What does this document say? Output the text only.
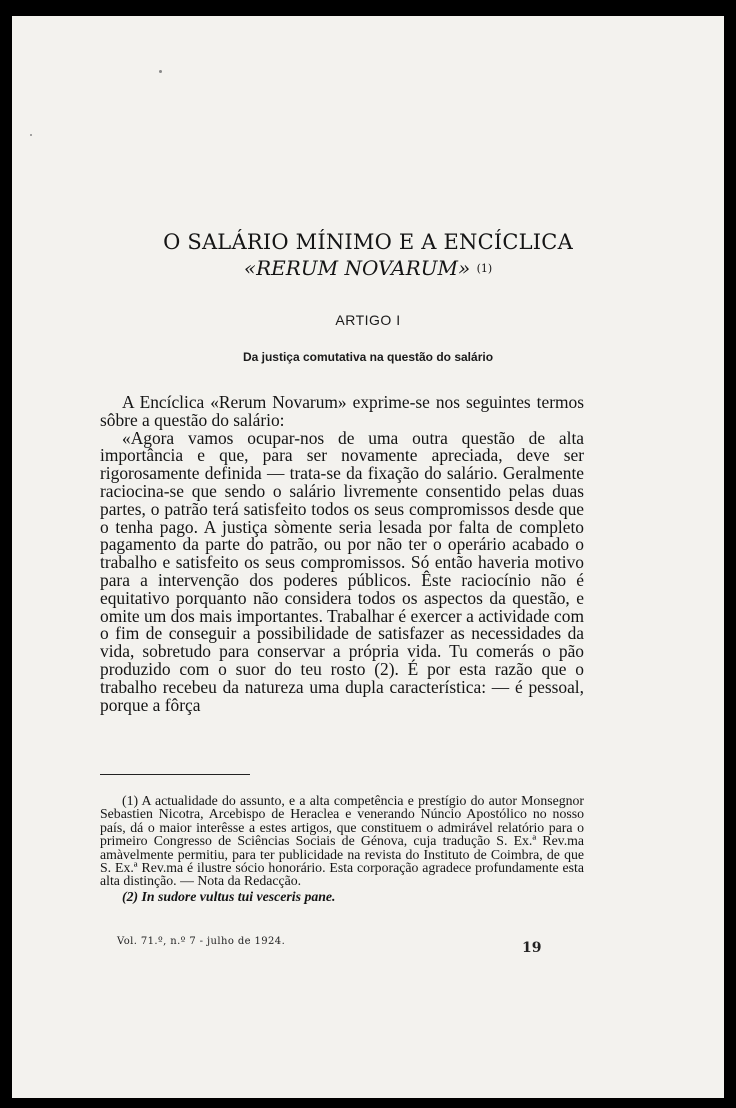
O SALÁRIO MÍNIMO E A ENCÍCLICA
«RERUM NOVARUM» (1)
ARTIGO I
Da justiça comutativa na questão do salário

A Encíclica «Rerum Novarum» exprime-se nos seguintes termos sôbre a questão do salário:

«Agora vamos ocupar-nos de uma outra questão de alta importância e que, para ser novamente apreciada, deve ser rigorosamente definida — trata-se da fixação do salário. Geralmente raciocina-se que sendo o salário livremente consentido pelas duas partes, o patrão terá satisfeito todos os seus compromissos desde que o tenha pago. A justiça sòmente seria lesada por falta de completo pagamento da parte do patrão, ou por não ter o operário acabado o trabalho e satisfeito os seus compromissos. Só então haveria motivo para a intervenção dos poderes públicos. Êste raciocínio não é equitativo porquanto não considera todos os aspectos da questão, e omite um dos mais importantes. Trabalhar é exercer a actividade com o fim de conseguir a possibilidade de satisfazer as necessidades da vida, sobretudo para conservar a própria vida. Tu comerás o pão produzido com o suor do teu rosto (2). É por esta razão que o trabalho recebeu da natureza uma dupla característica: — é pessoal, porque a fôrça

(1) A actualidade do assunto, e a alta competência e prestígio do autor Monsegnor Sebastien Nicotra, Arcebispo de Heraclea e venerando Núncio Apostólico no nosso país, dá o maior interêsse a estes artigos, que constituem o admirável relatório para o primeiro Congresso de Sciências Sociais de Génova, cuja tradução S. Ex.ª Rev.ma amàvelmente permitiu, para ter publicidade na revista do Instituto de Coimbra, de que S. Ex.ª Rev.ma é ilustre sócio honorário. Esta corporação agradece profundamente esta alta distinção. — Nota da Redacção.

(2) In sudore vultus tui vesceris pane.

Vol. 71.º, n.º 7 - julho de 1924.	19
